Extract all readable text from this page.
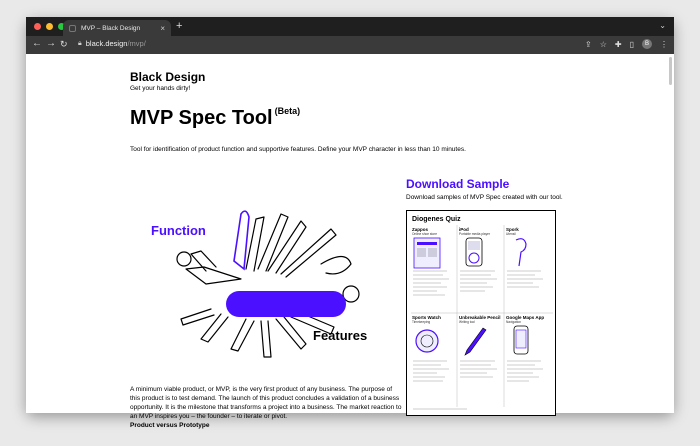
MVP – Black Design	× +	⌄
← → ↻ 🔒︎ black.design/mvp/	⇪ ☆ ✚ ▯	B	⋮
Black Design
Get your hands dirty!
MVP Spec Tool $^{(Beta)}$
Tool for identification of product function and supportive features. Define your MVP character in less than 10 minutes.
Download Sample
Download samples of MVP Spec created with our tool.
Function
Features
Diogenes Quiz
Zappos
Online shoe store
iPod
Portable media player
Spork
Utensil
Sports Watch
Timekeeping
Unbreakable Pencil
Writing tool
Google Maps App
Navigation
A minimum viable product, or MVP, is the very first product of any business. The purpose of this product is to test demand. The launch of this product concludes a validation of a business opportunity. It is the milestone that transforms a project into a business. The market reaction to an MVP inspires you – the founder – to iterate or pivot.
Product versus Prototype
